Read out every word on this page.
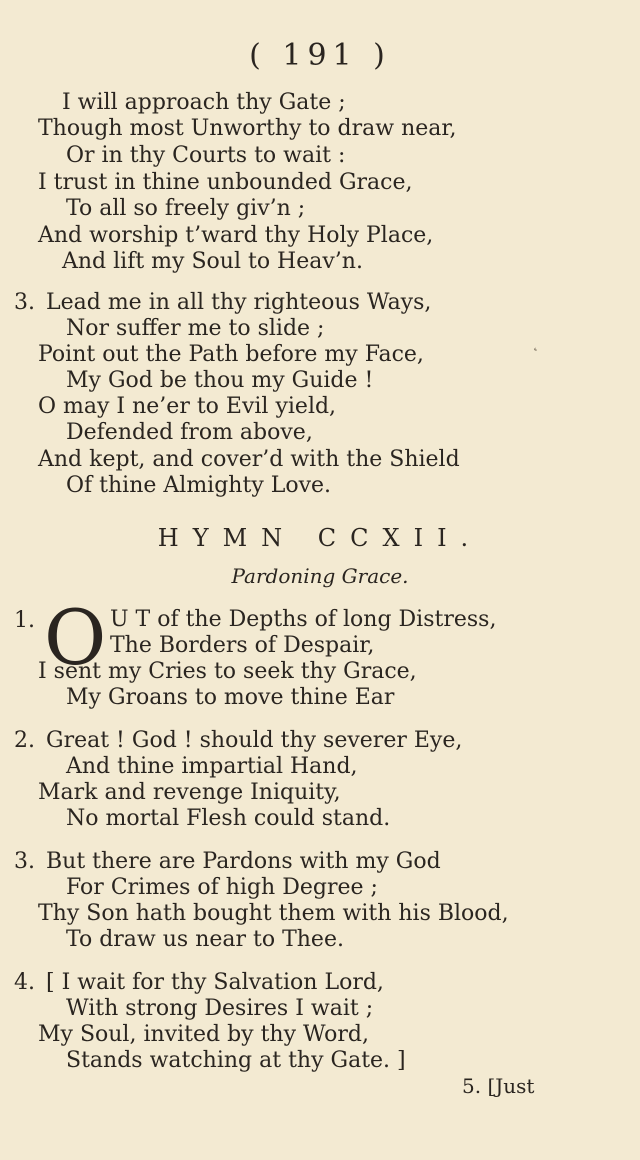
( 191 )
I will approach thy Gate ;
Though most Unworthy to draw near,
Or in thy Courts to wait :
I trust in thine unbounded Grace,
To all so freely giv’n ;
And worship t’ward thy Holy Place,
And lift my Soul to Heav’n.
3. Lead me in all thy righteous Ways,
Nor suffer me to slide ;
Point out the Path before my Face,
My God be thou my Guide !
O may I ne’er to Evil yield,
Defended from above,
And kept, and cover’d with the Shield
Of thine Almighty Love.
˛
HYMN CCXII.
Pardoning Grace.
1. O U T of the Depths of long Distress,
The Borders of Despair,
I sent my Cries to seek thy Grace,
My Groans to move thine Ear
2. Great ! God ! should thy severer Eye,
And thine impartial Hand,
Mark and revenge Iniquity,
No mortal Flesh could stand.
3. But there are Pardons with my God
For Crimes of high Degree ;
Thy Son hath bought them with his Blood,
To draw us near to Thee.
4. [ I wait for thy Salvation Lord,
With strong Desires I wait ;
My Soul, invited by thy Word,
Stands watching at thy Gate. ]
5. [Just
